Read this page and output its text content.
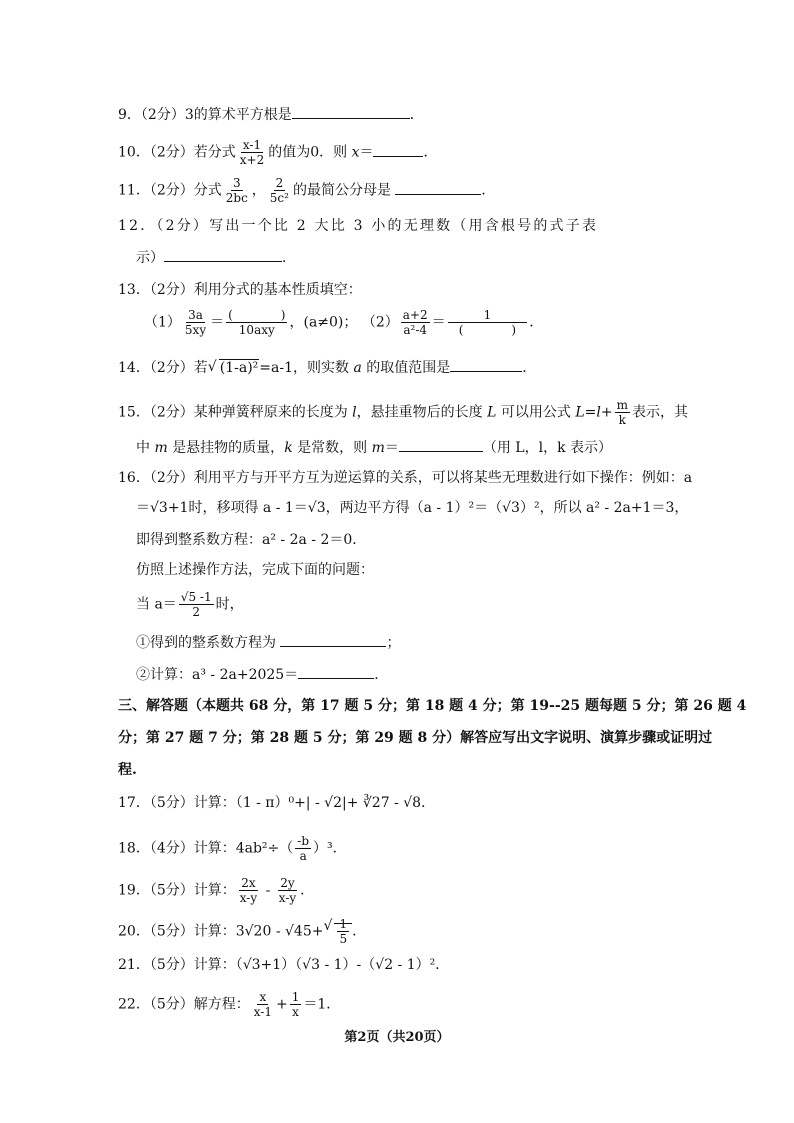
9．（2分）3的算术平方根是	．
10．（2分）若分式 $\frac{x-1}{x+2}$ 的值为0．则 x＝	．
11．（2分）分式 $\frac{3}{2bc}$ ， $\frac{2}{\text{5c²}}$ 的最简公分母是	．
12．（2分）写出一个比 2 大比 3 小的无理数（用含根号的式子表
示）	．
13．（2分）利用分式的基本性质填空：
$(1) \frac{3a}{5xy} = \frac{( )}{\text{10axy}}$ ，(a≠0)； $(2) \frac{a+2}{\text{a²-4}} = \frac{1}{( )}$ ．
14．（2分）若 √ (1-a)²=a-1，则实数 a 的取值范围是	．
15．（2分）某种弹簧秤原来的长度为 l，悬挂重物后的长度 L 可以用公式 $L=l+ \frac{m}{k}$ 表示，其
中 m 是悬挂物的质量，k 是常数，则 m＝	（用 L，l，k 表示）
16．（2分）利用平方与开平方互为逆运算的关系，可以将某些无理数进行如下操作：例如：a
＝√3+1时，移项得 a - 1＝√3，两边平方得（a - 1）²＝（√3）²，所以 a² - 2a+1＝3，
即得到整系数方程：a² - 2a - 2＝0．
仿照上述操作方法，完成下面的问题：
当 $a= \frac{√5 -1}{2}$ 时，
①得到的整系数方程为	；
②计算：a³ - 2a+2025＝	．
三、解答题（本题共 68 分，第 17 题 5 分；第 18 题 4 分；第 19--25 题每题 5 分；第 26 题 4
分；第 27 题 7 分；第 28 题 5 分；第 29 题 8 分）解答应写出文字说明、演算步骤或证明过
程.
17．（5分）计算：（1 - π）⁰+| - √2|+ ∛27 - √8．
18．（4分）计算：$4ab^2\div( \frac{-b}{a} )^3$．
19．（5分）计算： $\frac{2x}{x-y} - \frac{2y}{x-y}$ ．
20．（5分）计算：3√20 - √45+ √ $\frac{1}{5}$ ．
21．（5分）计算：（√3+1）（√3 - 1）-（√2 - 1）²．
22．（5分）解方程： $\frac{x}{x-1} + \frac{1}{x} =1$．
第2页（共20页）
